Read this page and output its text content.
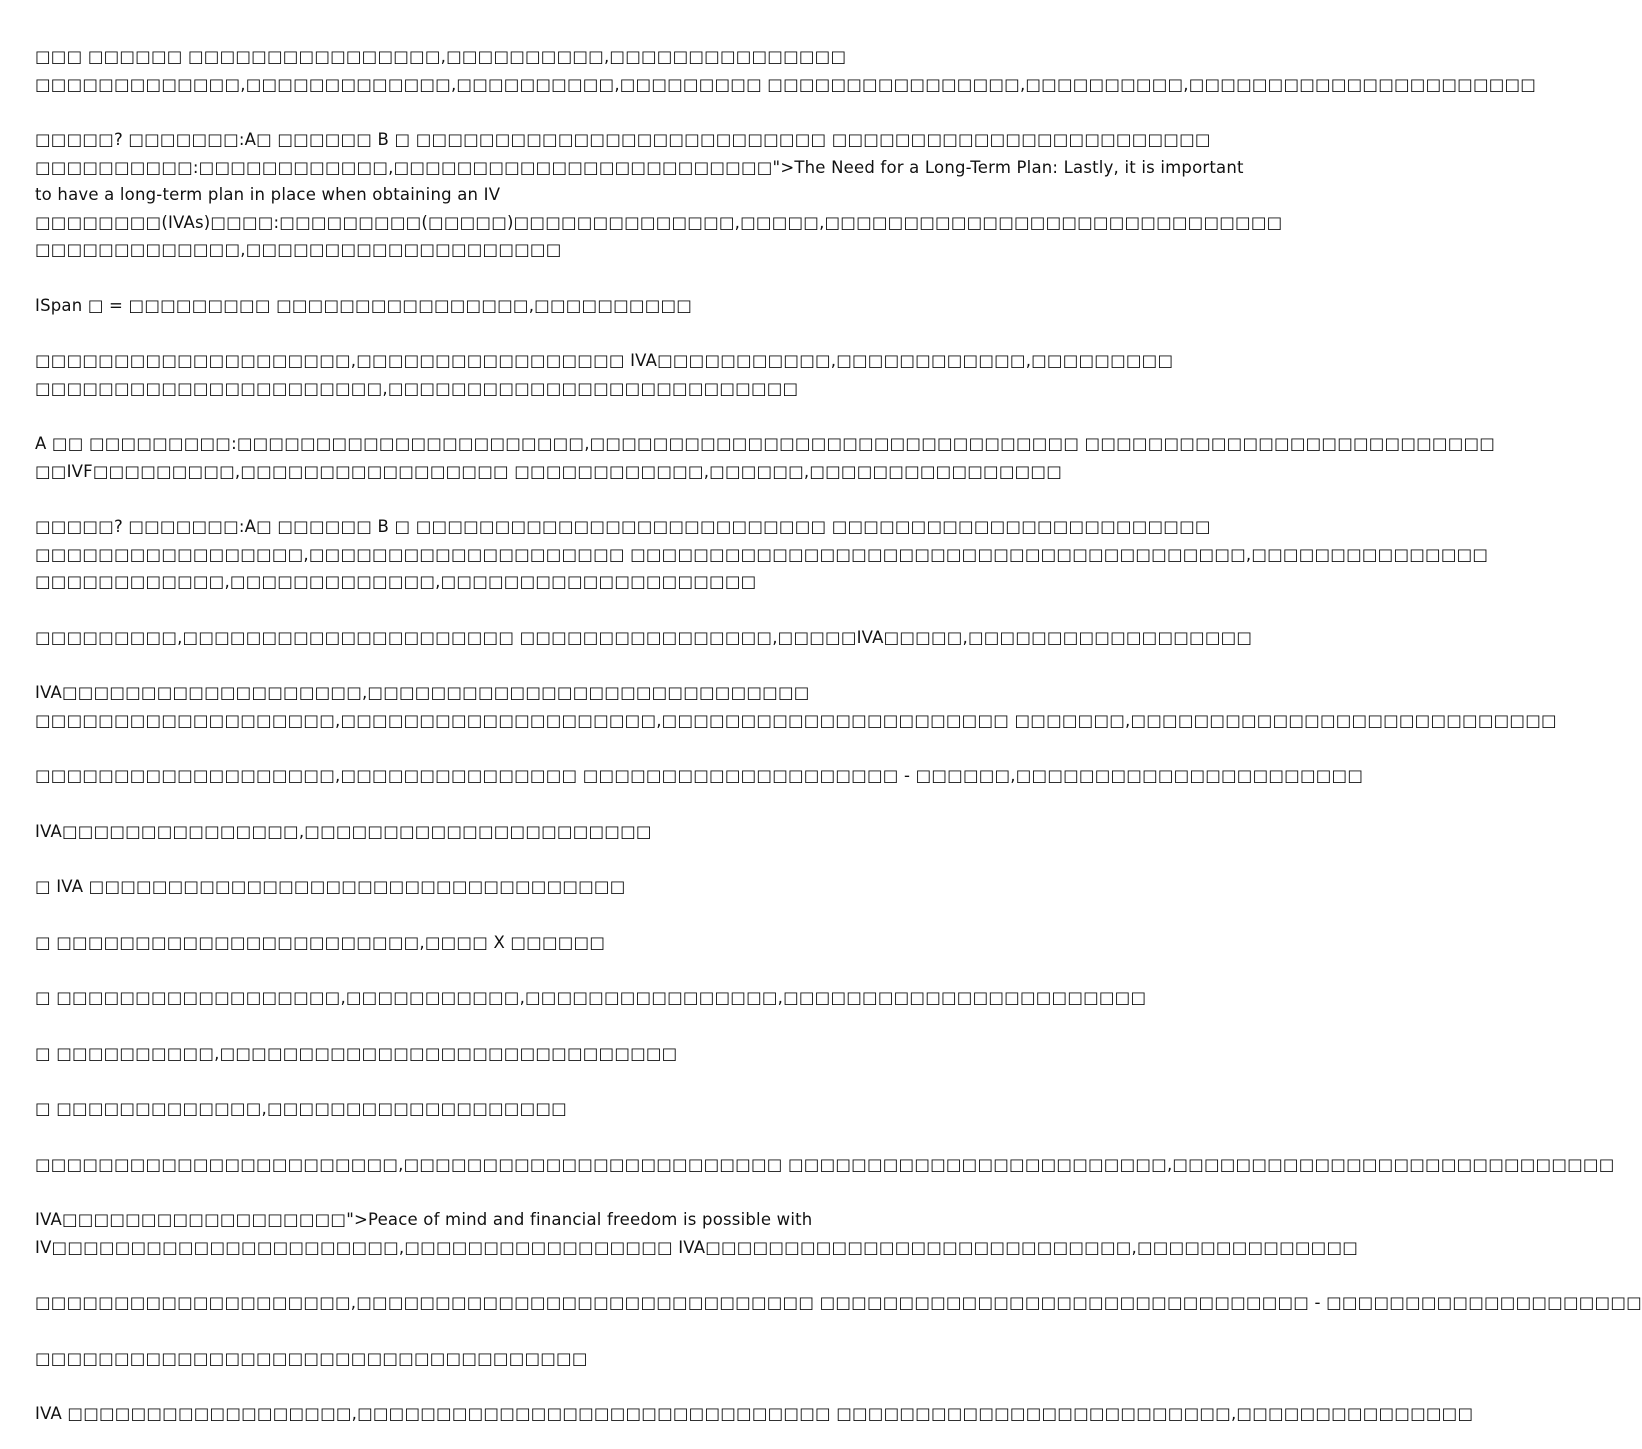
□□□ □□□□□□ □□□□□□□□□□□□□□□□,□□□□□□□□□□,□□□□□□□□□□□□□□□
□□□□□□□□□□□□□,□□□□□□□□□□□□□,□□□□□□□□□□,□□□□□□□□□ □□□□□□□□□□□□□□□□,□□□□□□□□□□,□□□□□□□□□□□□□□□□□□□□□□

□□□□□? □□□□□□□:A□ □□□□□□ B □ □□□□□□□□□□□□□□□□□□□□□□□□□□ □□□□□□□□□□□□□□□□□□□□□□□□
□□□□□□□□□□:□□□□□□□□□□□□,□□□□□□□□□□□□□□□□□□□□□□□□">The Need for a Long-Term Plan: Lastly, it is important
to have a long-term plan in place when obtaining an IV
□□□□□□□□(IVAs)□□□□:□□□□□□□□□(□□□□□)□□□□□□□□□□□□□□,□□□□□,□□□□□□□□□□□□□□□□□□□□□□□□□□□□□
□□□□□□□□□□□□□,□□□□□□□□□□□□□□□□□□□□

ISpan □ = □□□□□□□□□ □□□□□□□□□□□□□□□□,□□□□□□□□□□

□□□□□□□□□□□□□□□□□□□□,□□□□□□□□□□□□□□□□□ IVA□□□□□□□□□□□,□□□□□□□□□□□□,□□□□□□□□□
□□□□□□□□□□□□□□□□□□□□□□,□□□□□□□□□□□□□□□□□□□□□□□□□□

A □□ □□□□□□□□□:□□□□□□□□□□□□□□□□□□□□□□,□□□□□□□□□□□□□□□□□□□□□□□□□□□□□□□ □□□□□□□□□□□□□□□□□□□□□□□□□□
□□IVF□□□□□□□□□,□□□□□□□□□□□□□□□□□ □□□□□□□□□□□□,□□□□□□,□□□□□□□□□□□□□□□□

□□□□□? □□□□□□□:A□ □□□□□□ B □ □□□□□□□□□□□□□□□□□□□□□□□□□□ □□□□□□□□□□□□□□□□□□□□□□□□
□□□□□□□□□□□□□□□□□,□□□□□□□□□□□□□□□□□□□□ □□□□□□□□□□□□□□□□□□□□□□□□□□□□□□□□□□□□□□□,□□□□□□□□□□□□□□□
□□□□□□□□□□□□,□□□□□□□□□□□□□,□□□□□□□□□□□□□□□□□□□□

□□□□□□□□□,□□□□□□□□□□□□□□□□□□□□□ □□□□□□□□□□□□□□□□,□□□□□IVA□□□□□,□□□□□□□□□□□□□□□□□□

IVA□□□□□□□□□□□□□□□□□□□,□□□□□□□□□□□□□□□□□□□□□□□□□□□□
□□□□□□□□□□□□□□□□□□□,□□□□□□□□□□□□□□□□□□□□,□□□□□□□□□□□□□□□□□□□□□□ □□□□□□□,□□□□□□□□□□□□□□□□□□□□□□□□□□□

□□□□□□□□□□□□□□□□□□□,□□□□□□□□□□□□□□□ □□□□□□□□□□□□□□□□□□□□ - □□□□□□,□□□□□□□□□□□□□□□□□□□□□□

IVA□□□□□□□□□□□□□□□,□□□□□□□□□□□□□□□□□□□□□□

□ IVA □□□□□□□□□□□□□□□□□□□□□□□□□□□□□□□□□□

□ □□□□□□□□□□□□□□□□□□□□□□□,□□□□ X □□□□□□

□ □□□□□□□□□□□□□□□□□□,□□□□□□□□□□□,□□□□□□□□□□□□□□□□,□□□□□□□□□□□□□□□□□□□□□□□

□ □□□□□□□□□□,□□□□□□□□□□□□□□□□□□□□□□□□□□□□□

□ □□□□□□□□□□□□□,□□□□□□□□□□□□□□□□□□□

□□□□□□□□□□□□□□□□□□□□□□□,□□□□□□□□□□□□□□□□□□□□□□□□ □□□□□□□□□□□□□□□□□□□□□□□□,□□□□□□□□□□□□□□□□□□□□□□□□□□□□

IVA□□□□□□□□□□□□□□□□□□">Peace of mind and financial freedom is possible with
IV□□□□□□□□□□□□□□□□□□□□□□,□□□□□□□□□□□□□□□□□ IVA□□□□□□□□□□□□□□□□□□□□□□□□□□□,□□□□□□□□□□□□□□

□□□□□□□□□□□□□□□□□□□□,□□□□□□□□□□□□□□□□□□□□□□□□□□□□□ □□□□□□□□□□□□□□□□□□□□□□□□□□□□□□□ - □□□□□□□□□□□□□□□□□□□□

□□□□□□□□□□□□□□□□□□□□□□□□□□□□□□□□□□□

IVA □□□□□□□□□□□□□□□□□□,□□□□□□□□□□□□□□□□□□□□□□□□□□□□□□ □□□□□□□□□□□□□□□□□□□□□□□□□,□□□□□□□□□□□□□□□
